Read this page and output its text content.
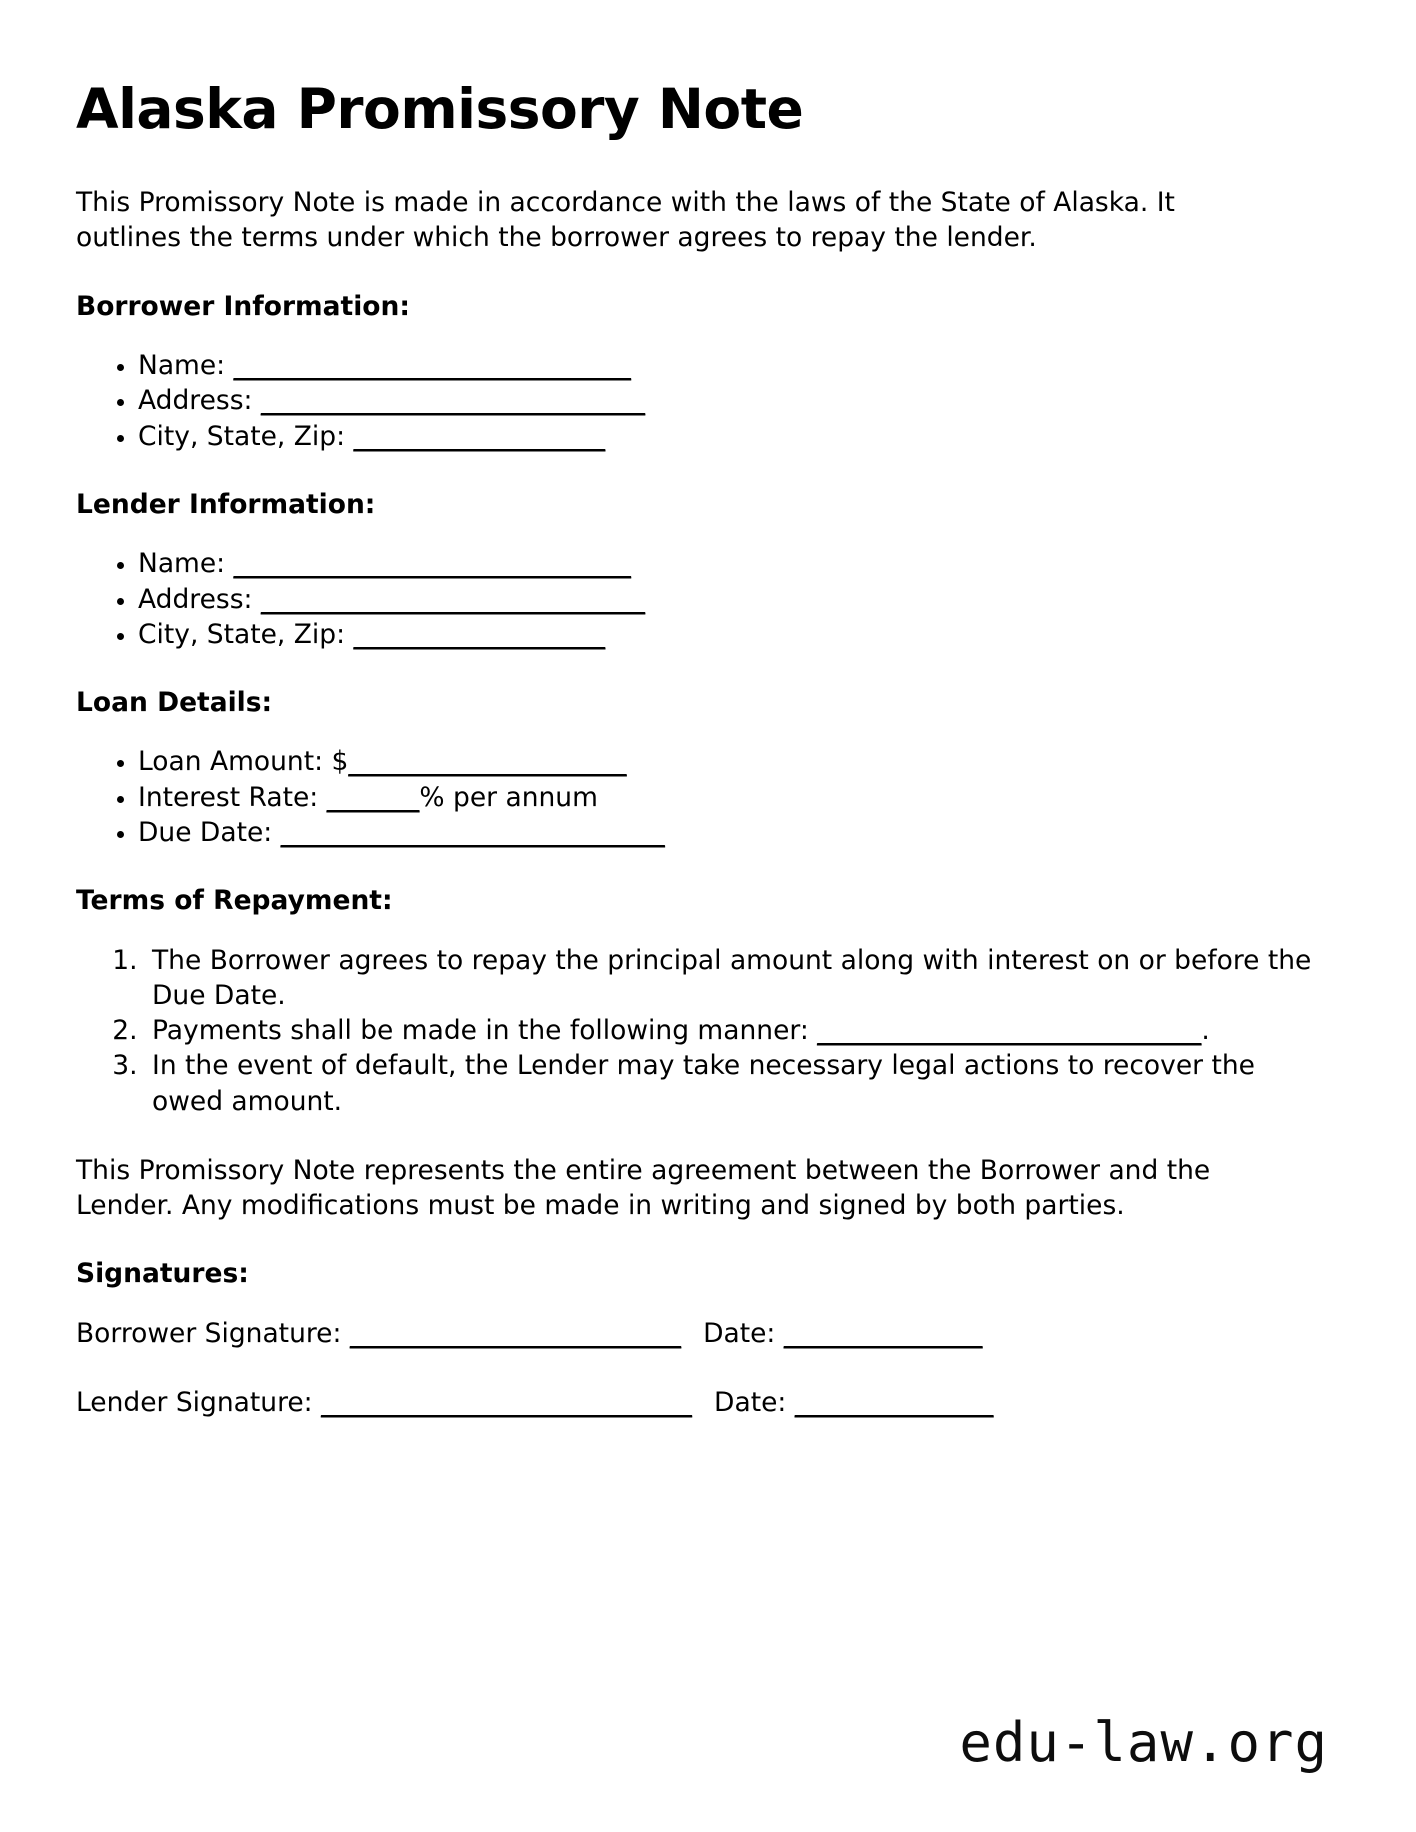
Alaska Promissory Note

This Promissory Note is made in accordance with the laws of the State of Alaska. It outlines the terms under which the borrower agrees to repay the lender.

Borrower Information:
• Name: ______________________________
• Address: _____________________________
• City, State, Zip: ___________________
Lender Information:
• Name: ______________________________
• Address: _____________________________
• City, State, Zip: ___________________
Loan Details:
• Loan Amount: $_____________________
• Interest Rate: _______% per annum
• Due Date: _____________________________
Terms of Repayment:
1. The Borrower agrees to repay the principal amount along with interest on or before the Due Date.
2. Payments shall be made in the following manner: _____________________________.
3. In the event of default, the Lender may take necessary legal actions to recover the owed amount.

This Promissory Note represents the entire agreement between the Borrower and the Lender. Any modifications must be made in writing and signed by both parties.

Signatures:
Borrower Signature: _________________________ Date: _______________
Lender Signature: ____________________________ Date: _______________
edu-law.org
